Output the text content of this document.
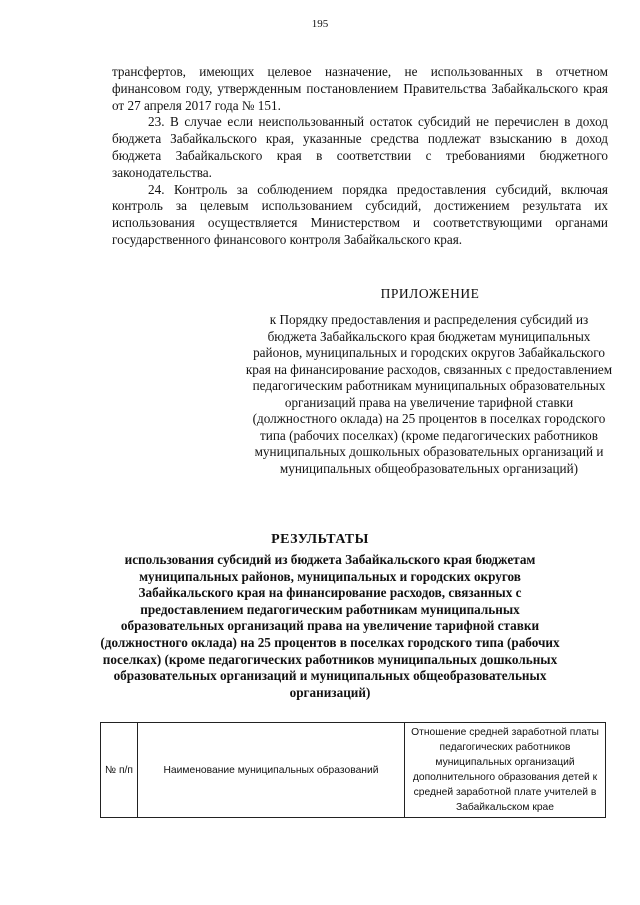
195

трансфертов, имеющих целевое назначение, не использованных в отчетном финансовом году, утвержденным постановлением Правительства Забайкальского края от 27 апреля 2017 года № 151.

23. В случае если неиспользованный остаток субсидий не перечислен в доход бюджета Забайкальского края, указанные средства подлежат взысканию в доход бюджета Забайкальского края в соответствии с требованиями бюджетного законодательства.

24. Контроль за соблюдением порядка предоставления субсидий, включая контроль за целевым использованием субсидий, достижением результата их использования осуществляется Министерством и соответствующими органами государственного финансового контроля Забайкальского края.

ПРИЛОЖЕНИЕ
к Порядку предоставления и распределения субсидий из бюджета Забайкальского края бюджетам муниципальных районов, муниципальных и городских округов Забайкальского края на финансирование расходов, связанных с предоставлением педагогическим работникам муниципальных образовательных организаций права на увеличение тарифной ставки (должностного оклада) на 25 процентов в поселках городского типа (рабочих поселках) (кроме педагогических работников муниципальных дошкольных образовательных организаций и муниципальных общеобразовательных организаций)
РЕЗУЛЬТАТЫ
использования субсидий из бюджета Забайкальского края бюджетам муниципальных районов, муниципальных и городских округов Забайкальского края на финансирование расходов, связанных с предоставлением педагогическим работникам муниципальных образовательных организаций права на увеличение тарифной ставки (должностного оклада) на 25 процентов в поселках городского типа (рабочих поселках) (кроме педагогических работников муниципальных дошкольных образовательных организаций и муниципальных общеобразовательных организаций)
№ п/п	Наименование муниципальных образований	Отношение средней заработной платы педагогических работников муниципальных организаций дополнительного образования детей к средней заработной плате учителей в Забайкальском крае
